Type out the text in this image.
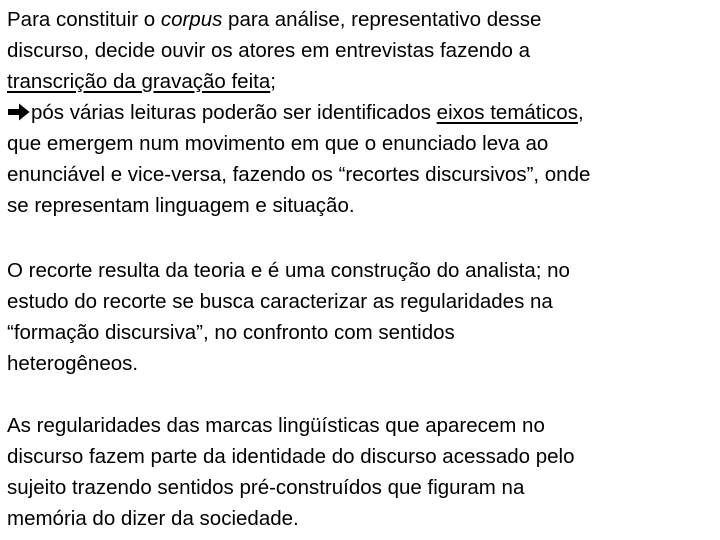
Para constituir o corpus para análise, representativo desse
discurso, decide ouvir os atores em entrevistas fazendo a
transcrição da gravação feita;
pós várias leituras poderão ser identificados eixos temáticos,
que emergem num movimento em que o enunciado leva ao
enunciável e vice-versa, fazendo os “recortes discursivos”, onde
se representam linguagem e situação.
O recorte resulta da teoria e é uma construção do analista; no
estudo do recorte se busca caracterizar as regularidades na
“formação discursiva”, no confronto com sentidos
heterogêneos.
As regularidades das marcas lingüísticas que aparecem no
discurso fazem parte da identidade do discurso acessado pelo
sujeito trazendo sentidos pré-construídos que figuram na
memória do dizer da sociedade.
